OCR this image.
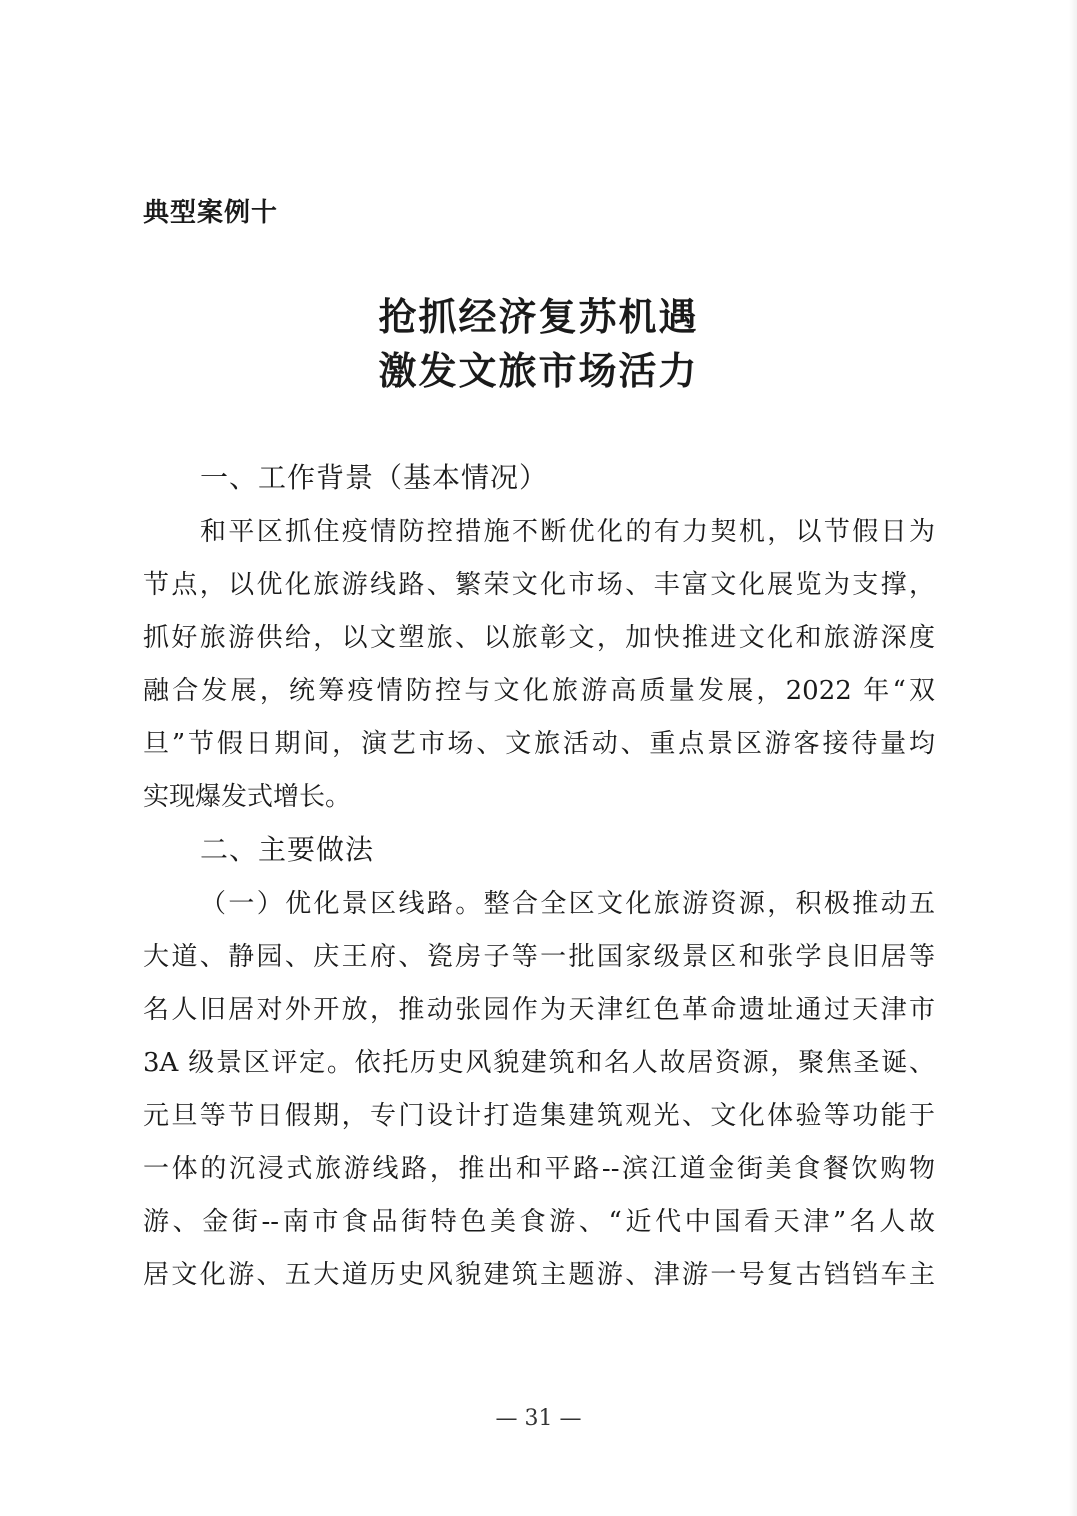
典型案例十
抢抓经济复苏机遇
激发文旅市场活力
一、工作背景（基本情况）
和平区抓住疫情防控措施不断优化的有力契机，以节假日为
节点，以优化旅游线路、繁荣文化市场、丰富文化展览为支撑，
抓好旅游供给，以文塑旅、以旅彰文，加快推进文化和旅游深度
融合发展，统筹疫情防控与文化旅游高质量发展，2022 年“双
旦”节假日期间，演艺市场、文旅活动、重点景区游客接待量均
实现爆发式增长。
二、主要做法
（一）优化景区线路。整合全区文化旅游资源，积极推动五
大道、静园、庆王府、瓷房子等一批国家级景区和张学良旧居等
名人旧居对外开放，推动张园作为天津红色革命遗址通过天津市
3A 级景区评定。依托历史风貌建筑和名人故居资源，聚焦圣诞、
元旦等节日假期，专门设计打造集建筑观光、文化体验等功能于
一体的沉浸式旅游线路，推出和平路--滨江道金街美食餐饮购物
游、金街--南市食品街特色美食游、“近代中国看天津”名人故
居文化游、五大道历史风貌建筑主题游、津游一号复古铛铛车主
— 31 —
